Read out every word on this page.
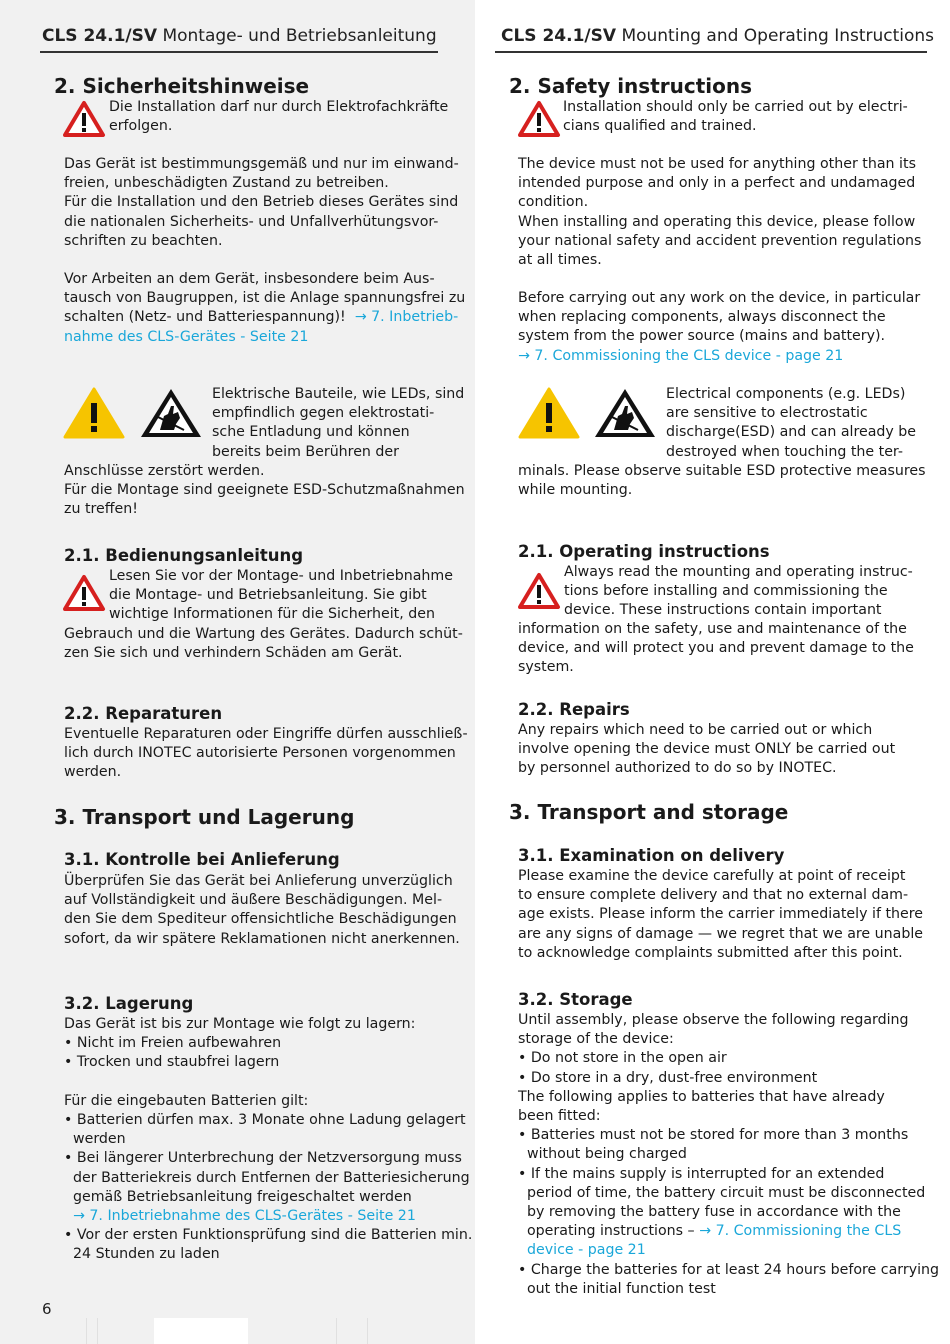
CLS 24.1/SV Montage- und Betriebsanleitung
2. Sicherheitshinweise
Die Installation darf nur durch Elektrofachkräfte
erfolgen.
Das Gerät ist bestimmungsgemäß und nur im einwand-
freien, unbeschädigten Zustand zu betreiben.
Für die Installation und den Betrieb dieses Gerätes sind
die nationalen Sicherheits- und Unfallverhütungsvor-
schriften zu beachten.
Vor Arbeiten an dem Gerät, insbesondere beim Aus-
tausch von Baugruppen, ist die Anlage spannungsfrei zu
schalten (Netz- und Batteriespannung)! → 7. Inbetrieb-
nahme des CLS-Gerätes - Seite 21
Elektrische Bauteile, wie LEDs, sind
empfindlich gegen elektrostati-
sche Entladung und können
bereits beim Berühren der
Anschlüsse zerstört werden.
Für die Montage sind geeignete ESD-Schutzmaßnahmen
zu treffen!
2.1. Bedienungsanleitung
Lesen Sie vor der Montage- und Inbetriebnahme
die Montage- und Betriebsanleitung. Sie gibt
wichtige Informationen für die Sicherheit, den
Gebrauch und die Wartung des Gerätes. Dadurch schüt-
zen Sie sich und verhindern Schäden am Gerät.
2.2. Reparaturen
Eventuelle Reparaturen oder Eingriffe dürfen ausschließ-
lich durch INOTEC autorisierte Personen vorgenommen
werden.
3. Transport und Lagerung
3.1. Kontrolle bei Anlieferung
Überprüfen Sie das Gerät bei Anlieferung unverzüglich
auf Vollständigkeit und äußere Beschädigungen. Mel-
den Sie dem Spediteur offensichtliche Beschädigungen
sofort, da wir spätere Reklamationen nicht anerkennen.
3.2. Lagerung
Das Gerät ist bis zur Montage wie folgt zu lagern:
• Nicht im Freien aufbewahren
• Trocken und staubfrei lagern

Für die eingebauten Batterien gilt:
• Batterien dürfen max. 3 Monate ohne Ladung gelagert
werden
• Bei längerer Unterbrechung der Netzversorgung muss
der Batteriekreis durch Entfernen der Batteriesicherung
gemäß Betriebsanleitung freigeschaltet werden
→ 7. Inbetriebnahme des CLS-Gerätes - Seite 21
• Vor der ersten Funktionsprüfung sind die Batterien min.
24 Stunden zu laden
6
CLS 24.1/SV Mounting and Operating Instructions
2. Safety instructions
Installation should only be carried out by electri-
cians qualified and trained.
The device must not be used for anything other than its
intended purpose and only in a perfect and undamaged
condition.
When installing and operating this device, please follow
your national safety and accident prevention regulations
at all times.
Before carrying out any work on the device, in particular
when replacing components, always disconnect the
system from the power source (mains and battery).
→ 7. Commissioning the CLS device - page 21
Electrical components (e.g. LEDs)
are sensitive to electrostatic
discharge(ESD) and can already be
destroyed when touching the ter-
minals. Please observe suitable ESD protective measures
while mounting.
2.1. Operating instructions
Always read the mounting and operating instruc-
tions before installing and commissioning the
device. These instructions contain important
information on the safety, use and maintenance of the
device, and will protect you and prevent damage to the
system.
2.2. Repairs
Any repairs which need to be carried out or which
involve opening the device must ONLY be carried out
by personnel authorized to do so by INOTEC.
3. Transport and storage
3.1. Examination on delivery
Please examine the device carefully at point of receipt
to ensure complete delivery and that no external dam-
age exists. Please inform the carrier immediately if there
are any signs of damage — we regret that we are unable
to acknowledge complaints submitted after this point.
3.2. Storage
Until assembly, please observe the following regarding
storage of the device:
• Do not store in the open air
• Do store in a dry, dust-free environment
The following applies to batteries that have already
been fitted:
• Batteries must not be stored for more than 3 months
without being charged
• If the mains supply is interrupted for an extended
period of time, the battery circuit must be disconnected
by removing the battery fuse in accordance with the
operating instructions – → 7. Commissioning the CLS
device - page 21
• Charge the batteries for at least 24 hours before carrying
out the initial function test
